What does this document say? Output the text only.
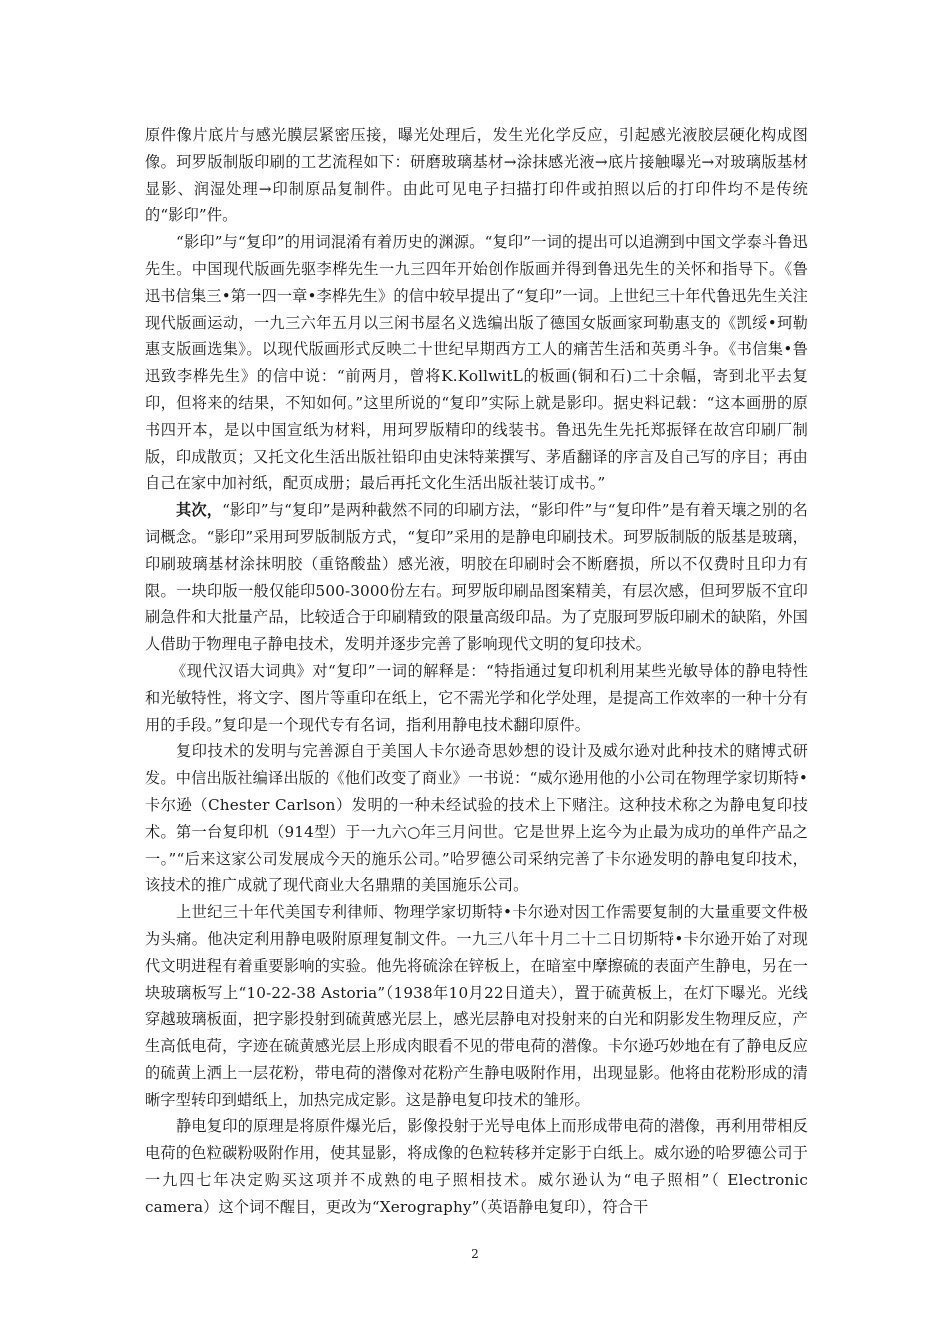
原件像片底片与感光膜层紧密压接，曝光处理后，发生光化学反应，引起感光液胶层硬化构成图像。珂罗版制版印刷的工艺流程如下：研磨玻璃基材→涂抹感光液→底片接触曝光→对玻璃版基材显影、润湿处理→印制原品复制件。由此可见电子扫描打印件或拍照以后的打印件均不是传统的“影印”件。

“影印”与“复印”的用词混淆有着历史的渊源。“复印”一词的提出可以追溯到中国文学泰斗鲁迅先生。中国现代版画先驱李桦先生一九三四年开始创作版画并得到鲁迅先生的关怀和指导下。《鲁迅书信集三•第一四一章•李桦先生》的信中较早提出了“复印”一词。上世纪三十年代鲁迅先生关注现代版画运动，一九三六年五月以三闲书屋名义选编出版了德国女版画家珂勒惠支的《凯绥•珂勒惠支版画选集》。以现代版画形式反映二十世纪早期西方工人的痛苦生活和英勇斗争。《书信集•鲁迅致李桦先生》的信中说：“前两月，曾将K.KollwitL的板画(铜和石)二十余幅，寄到北平去复印，但将来的结果，不知如何。”这里所说的“复印”实际上就是影印。据史料记载：“这本画册的原书四开本，是以中国宣纸为材料，用珂罗版精印的线装书。鲁迅先生先托郑振铎在故宫印刷厂制版，印成散页；又托文化生活出版社铅印由史沫特莱撰写、茅盾翻译的序言及自己写的序目；再由自己在家中加衬纸，配页成册；最后再托文化生活出版社装订成书。”

其次，“影印”与“复印”是两种截然不同的印刷方法，“影印件”与“复印件”是有着天壤之别的名词概念。“影印”采用珂罗版制版方式，“复印”采用的是静电印刷技术。珂罗版制版的版基是玻璃，印刷玻璃基材涂抹明胶（重铬酸盐）感光液，明胶在印刷时会不断磨损，所以不仅费时且印力有限。一块印版一般仅能印500-3000份左右。珂罗版印刷品图案精美，有层次感，但珂罗版不宜印刷急件和大批量产品，比较适合于印刷精致的限量高级印品。为了克服珂罗版印刷术的缺陷，外国人借助于物理电子静电技术，发明并逐步完善了影响现代文明的复印技术。

《现代汉语大词典》对“复印”一词的解释是：“特指通过复印机利用某些光敏导体的静电特性和光敏特性，将文字、图片等重印在纸上，它不需光学和化学处理，是提高工作效率的一种十分有用的手段。”复印是一个现代专有名词，指利用静电技术翻印原件。

复印技术的发明与完善源自于美国人卡尔逊奇思妙想的设计及威尔逊对此种技术的赌博式研发。中信出版社编译出版的《他们改变了商业》一书说：“威尔逊用他的小公司在物理学家切斯特•卡尔逊（Chester Carlson）发明的一种未经试验的技术上下赌注。这种技术称之为静电复印技术。第一台复印机（914型）于一九六○年三月问世。它是世界上迄今为止最为成功的单件产品之一。”“后来这家公司发展成今天的施乐公司。”哈罗德公司采纳完善了卡尔逊发明的静电复印技术，该技术的推广成就了现代商业大名鼎鼎的美国施乐公司。

上世纪三十年代美国专利律师、物理学家切斯特•卡尔逊对因工作需要复制的大量重要文件极为头痛。他决定利用静电吸附原理复制文件。一九三八年十月二十二日切斯特•卡尔逊开始了对现代文明进程有着重要影响的实验。他先将硫涂在锌板上，在暗室中摩擦硫的表面产生静电，另在一块玻璃板写上“10-22-38 Astoria”（1938年10月22日道夫），置于硫黄板上，在灯下曝光。光线穿越玻璃板面，把字影投射到硫黄感光层上，感光层静电对投射来的白光和阴影发生物理反应，产生高低电荷，字迹在硫黄感光层上形成肉眼看不见的带电荷的潜像。卡尔逊巧妙地在有了静电反应的硫黄上洒上一层花粉，带电荷的潜像对花粉产生静电吸附作用，出现显影。他将由花粉形成的清晰字型转印到蜡纸上，加热完成定影。这是静电复印技术的雏形。

静电复印的原理是将原件爆光后，影像投射于光导电体上而形成带电荷的潜像，再利用带相反电荷的色粒碳粉吸附作用，使其显影，将成像的色粒转移并定影于白纸上。威尔逊的哈罗德公司于一九四七年决定购买这项并不成熟的电子照相技术。威尔逊认为“电子照相”（ Electronic camera）这个词不醒目，更改为“Xerography”（英语静电复印），符合干

2
